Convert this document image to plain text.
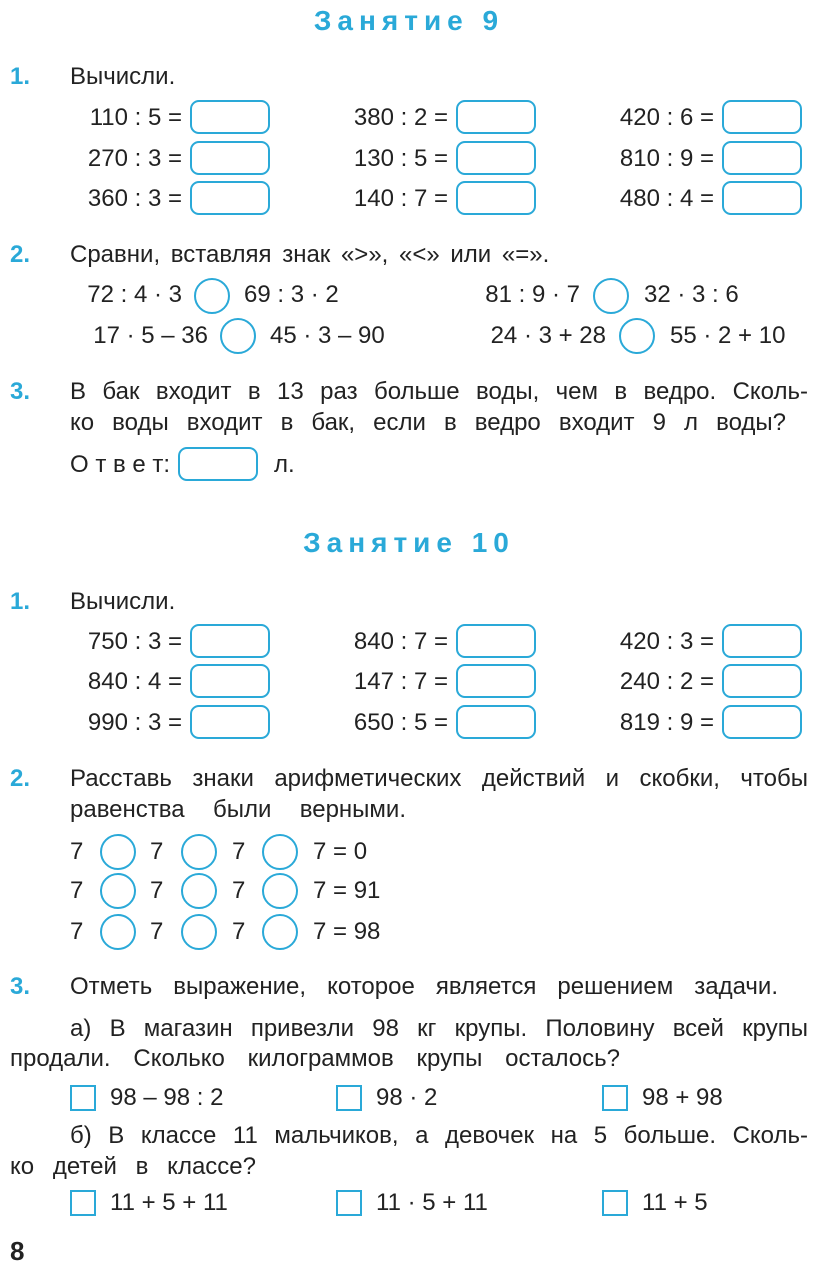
Занятие 9
1. Вычисли.
110 : 5 =	380 : 2 =	420 : 6 =
270 : 3 =	130 : 5 =	810 : 9 =
360 : 3 =	140 : 7 =	480 : 4 =
2. Сравни, вставляя знак «>», «<» или «=».
72 : 4 · 3	69 : 3 · 2	81 : 9 · 7	32 · 3 : 6
17 · 5 – 36	45 · 3 – 90	24 · 3 + 28	55 · 2 + 10
3. В бак входит в 13 раз больше воды, чем в ведро. Сколь-
ко воды входит в бак, если в ведро входит 9 л воды?
О т в е т:	л.
Занятие 10
1. Вычисли.
750 : 3 =	840 : 7 =	420 : 3 =
840 : 4 =	147 : 7 =	240 : 2 =
990 : 3 =	650 : 5 =	819 : 9 =
2. Расставь знаки арифметических действий и скобки, чтобы
равенства были верными.
7	7	7	7 = 0
7	7	7	7 = 91
7	7	7	7 = 98
3. Отметь выражение, которое является решением задачи.
а) В магазин привезли 98 кг крупы. Половину всей крупы
продали. Сколько килограммов крупы осталось?
98 – 98 : 2	98 · 2	98 + 98
б) В классе 11 мальчиков, а девочек на 5 больше. Сколь-
ко детей в классе?
11 + 5 + 11	11 · 5 + 11	11 + 5
8
